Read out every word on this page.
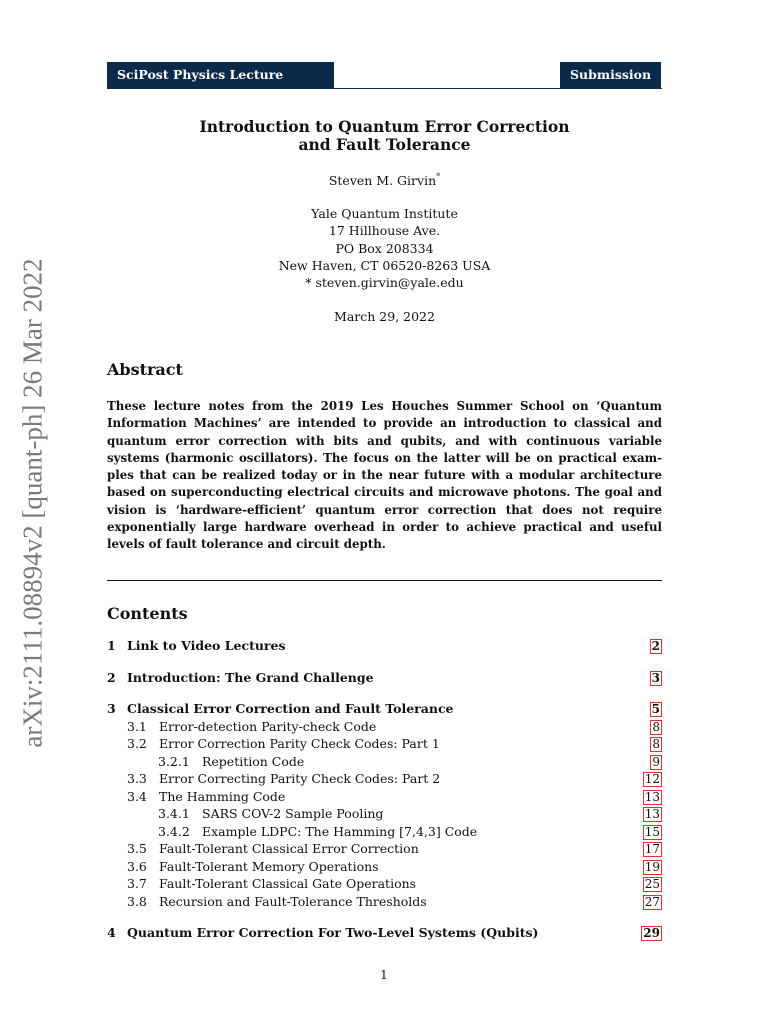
arXiv:2111.08894v2 [quant-ph] 26 Mar 2022
SciPost Physics Lecture Notes
Submission
Introduction to Quantum Error Correction
and Fault Tolerance
Steven M. Girvin*
Yale Quantum Institute
17 Hillhouse Ave.
PO Box 208334
New Haven, CT 06520-8263 USA
* steven.girvin@yale.edu
March 29, 2022
Abstract
These lecture notes from the 2019 Les Houches Summer School on ‘Quantum Information Machines’ are intended to provide an introduction to classical and quantum error correction with bits and qubits, and with continuous variable systems (harmonic oscillators). The focus on the latter will be on practical examples that can be realized today or in the near future with a modular architecture based on superconducting electrical circuits and microwave photons. The goal and vision is ‘hardware-efficient’ quantum error correction that does not require exponentially large hardware overhead in order to achieve practical and useful levels of fault tolerance and circuit depth.
Contents
1 Link to Video Lectures	2
2 Introduction: The Grand Challenge	3
3 Classical Error Correction and Fault Tolerance	5
3.1 Error-detection Parity-check Code	8
3.2 Error Correction Parity Check Codes: Part 1	8
3.2.1 Repetition Code	9
3.3 Error Correcting Parity Check Codes: Part 2	12
3.4 The Hamming Code	13
3.4.1 SARS COV-2 Sample Pooling	13
3.4.2 Example LDPC: The Hamming [7,4,3] Code	15
3.5 Fault-Tolerant Classical Error Correction	17
3.6 Fault-Tolerant Memory Operations	19
3.7 Fault-Tolerant Classical Gate Operations	25
3.8 Recursion and Fault-Tolerance Thresholds	27
4 Quantum Error Correction For Two-Level Systems (Qubits)	29
1
